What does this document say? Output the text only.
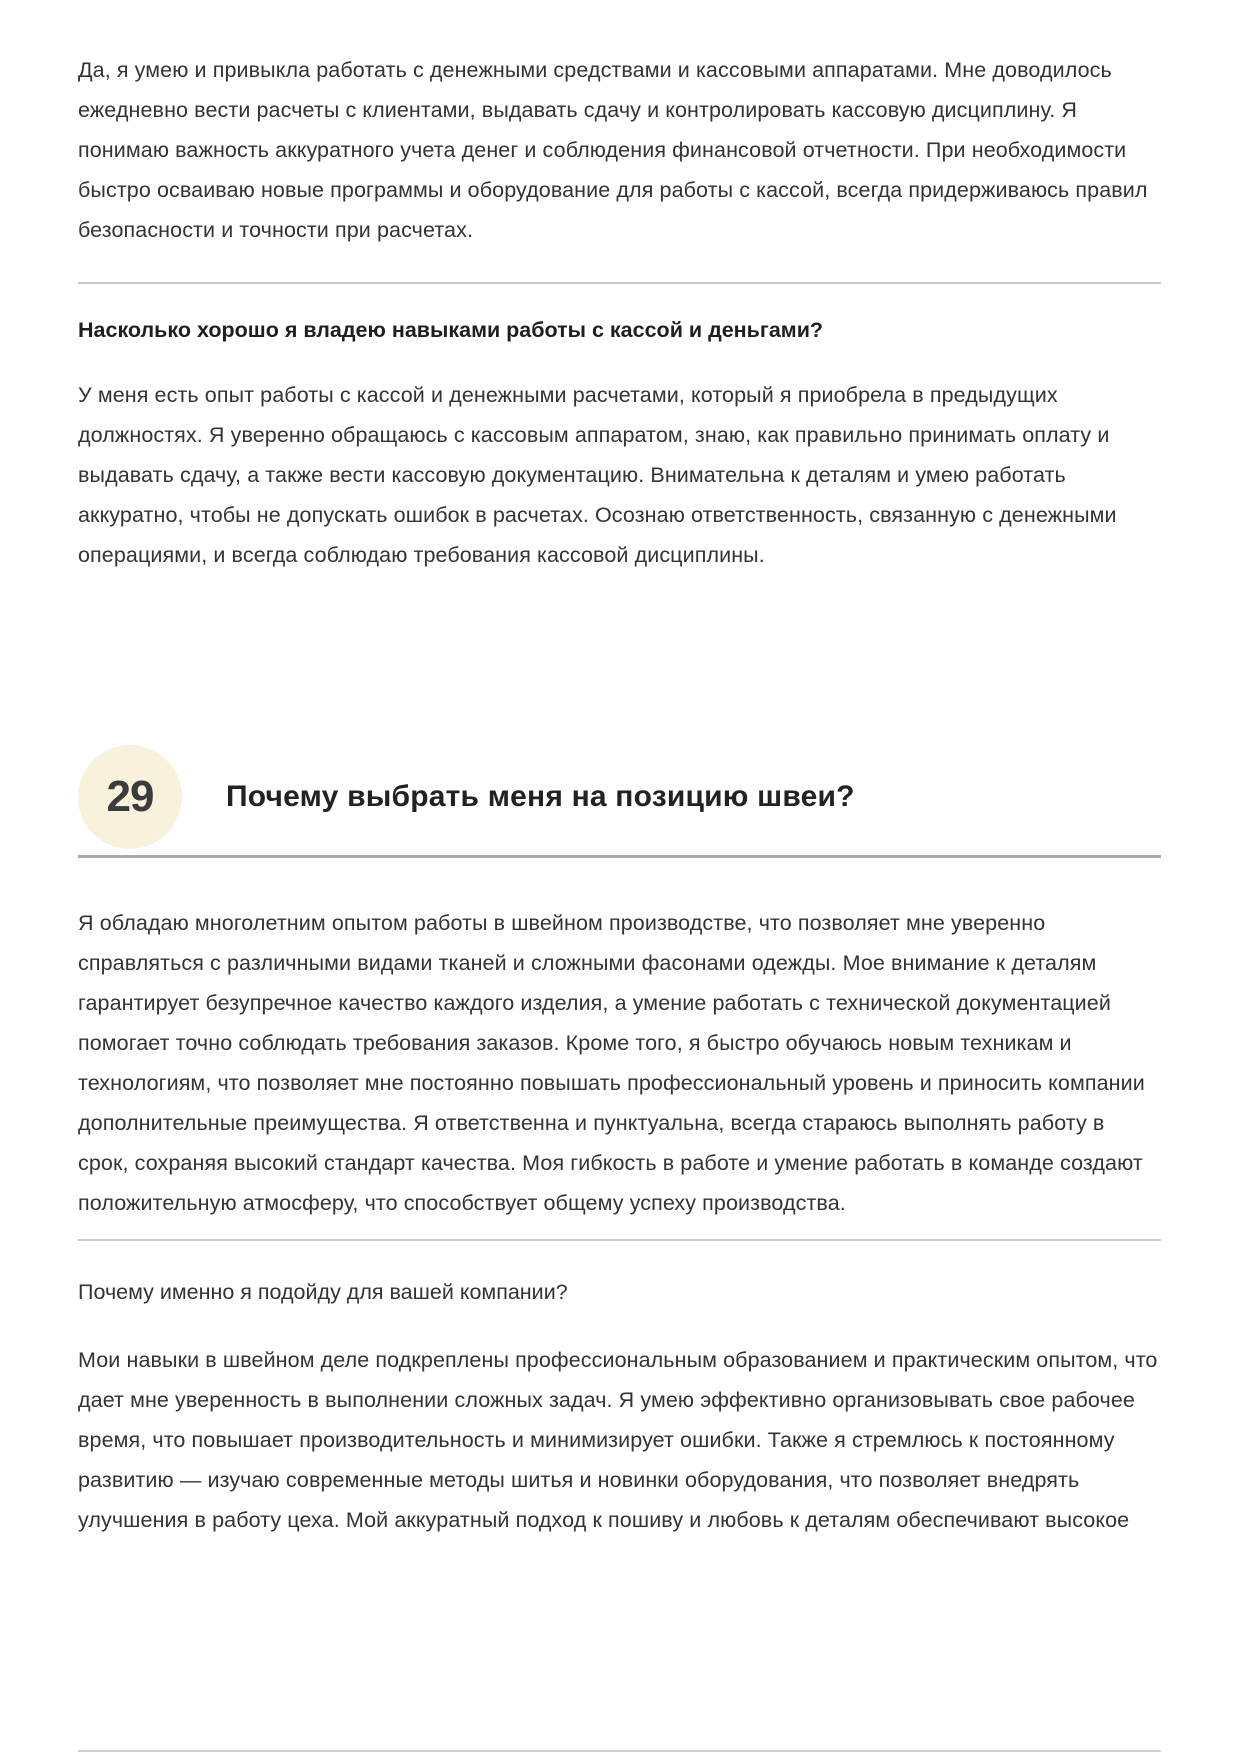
Да, я умею и привыкла работать с денежными средствами и кассовыми аппаратами. Мне доводилось ежедневно вести расчеты с клиентами, выдавать сдачу и контролировать кассовую дисциплину. Я понимаю важность аккуратного учета денег и соблюдения финансовой отчетности. При необходимости быстро осваиваю новые программы и оборудование для работы с кассой, всегда придерживаюсь правил безопасности и точности при расчетах.

Насколько хорошо я владею навыками работы с кассой и деньгами?

У меня есть опыт работы с кассой и денежными расчетами, который я приобрела в предыдущих должностях. Я уверенно обращаюсь с кассовым аппаратом, знаю, как правильно принимать оплату и выдавать сдачу, а также вести кассовую документацию. Внимательна к деталям и умею работать аккуратно, чтобы не допускать ошибок в расчетах. Осознаю ответственность, связанную с денежными операциями, и всегда соблюдаю требования кассовой дисциплины.

29 Почему выбрать меня на позицию швеи?

Я обладаю многолетним опытом работы в швейном производстве, что позволяет мне уверенно справляться с различными видами тканей и сложными фасонами одежды. Мое внимание к деталям гарантирует безупречное качество каждого изделия, а умение работать с технической документацией помогает точно соблюдать требования заказов. Кроме того, я быстро обучаюсь новым техникам и технологиям, что позволяет мне постоянно повышать профессиональный уровень и приносить компании дополнительные преимущества. Я ответственна и пунктуальна, всегда стараюсь выполнять работу в срок, сохраняя высокий стандарт качества. Моя гибкость в работе и умение работать в команде создают положительную атмосферу, что способствует общему успеху производства.

Почему именно я подойду для вашей компании?

Мои навыки в швейном деле подкреплены профессиональным образованием и практическим опытом, что дает мне уверенность в выполнении сложных задач. Я умею эффективно организовывать свое рабочее время, что повышает производительность и минимизирует ошибки. Также я стремлюсь к постоянному развитию — изучаю современные методы шитья и новинки оборудования, что позволяет внедрять улучшения в работу цеха. Мой аккуратный подход к пошиву и любовь к деталям обеспечивают высокое
